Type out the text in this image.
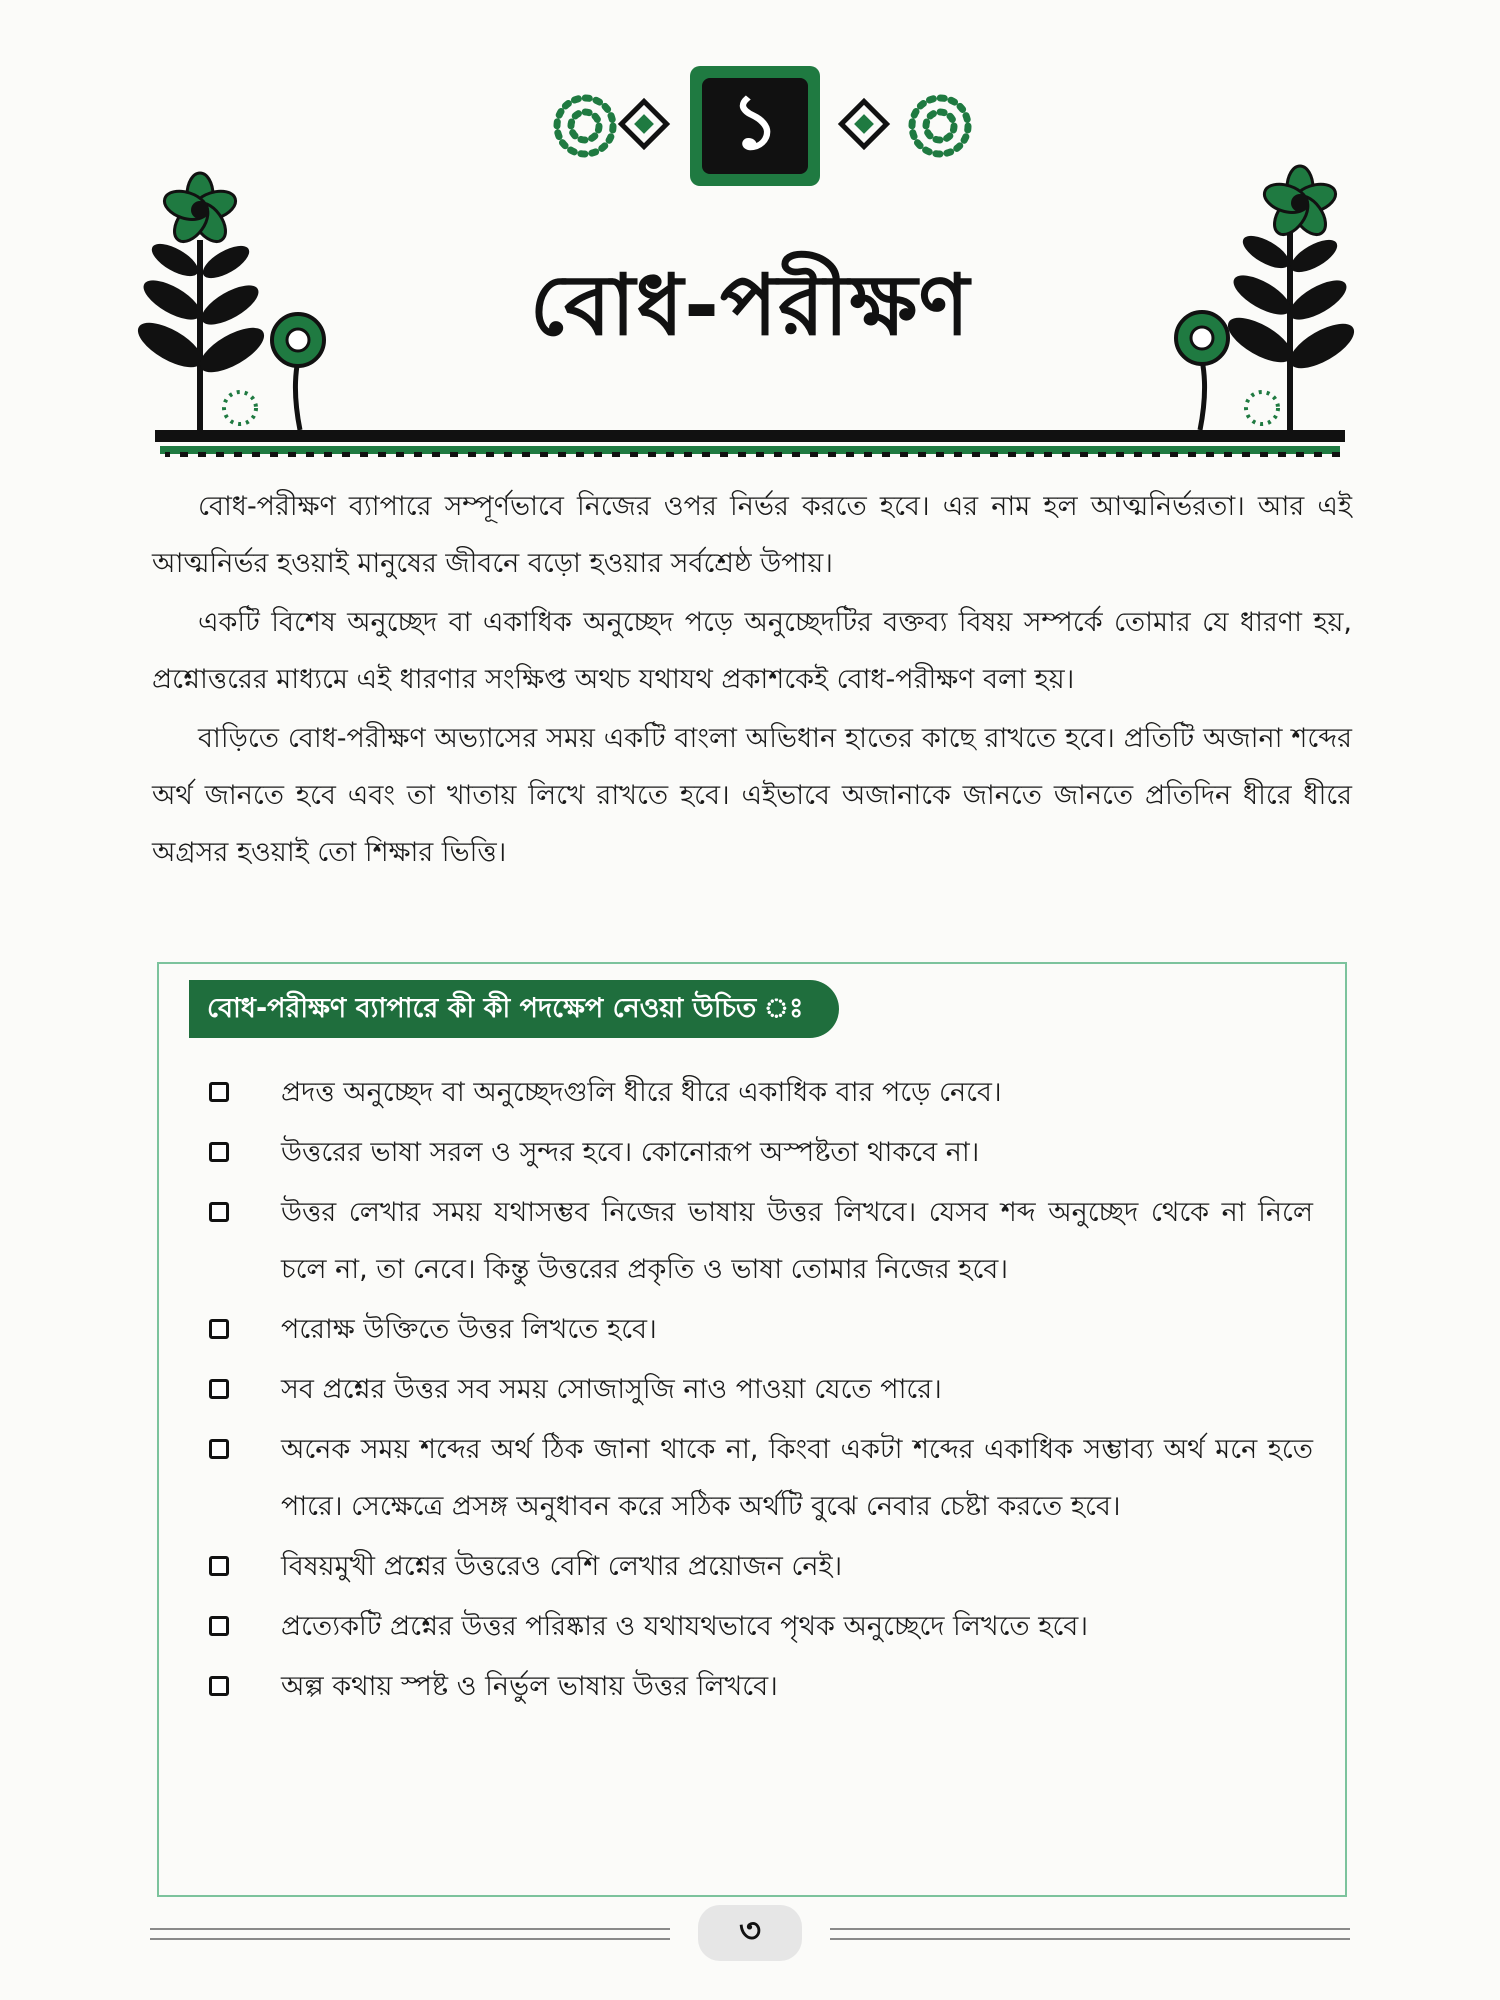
১
বোধ-পরীক্ষণ

বোধ-পরীক্ষণ ব্যাপারে সম্পূর্ণভাবে নিজের ওপর নির্ভর করতে হবে। এর নাম হল আত্মনির্ভরতা। আর এই আত্মনির্ভর হওয়াই মানুষের জীবনে বড়ো হওয়ার সর্বশ্রেষ্ঠ উপায়।

একটি বিশেষ অনুচ্ছেদ বা একাধিক অনুচ্ছেদ পড়ে অনুচ্ছেদটির বক্তব্য বিষয় সম্পর্কে তোমার যে ধারণা হয়, প্রশ্নোত্তরের মাধ্যমে এই ধারণার সংক্ষিপ্ত অথচ যথাযথ প্রকাশকেই বোধ-পরীক্ষণ বলা হয়।

বাড়িতে বোধ-পরীক্ষণ অভ্যাসের সময় একটি বাংলা অভিধান হাতের কাছে রাখতে হবে। প্রতিটি অজানা শব্দের অর্থ জানতে হবে এবং তা খাতায় লিখে রাখতে হবে। এইভাবে অজানাকে জানতে জানতে প্রতিদিন ধীরে ধীরে অগ্রসর হওয়াই তো শিক্ষার ভিত্তি।

বোধ-পরীক্ষণ ব্যাপারে কী কী পদক্ষেপ নেওয়া উচিত ঃ
প্রদত্ত অনুচ্ছেদ বা অনুচ্ছেদগুলি ধীরে ধীরে একাধিক বার পড়ে নেবে।
উত্তরের ভাষা সরল ও সুন্দর হবে। কোনোরূপ অস্পষ্টতা থাকবে না।
উত্তর লেখার সময় যথাসম্ভব নিজের ভাষায় উত্তর লিখবে। যেসব শব্দ অনুচ্ছেদ থেকে না নিলে চলে না, তা নেবে। কিন্তু উত্তরের প্রকৃতি ও ভাষা তোমার নিজের হবে।
পরোক্ষ উক্তিতে উত্তর লিখতে হবে।
সব প্রশ্নের উত্তর সব সময় সোজাসুজি নাও পাওয়া যেতে পারে।
অনেক সময় শব্দের অর্থ ঠিক জানা থাকে না, কিংবা একটা শব্দের একাধিক সম্ভাব্য অর্থ মনে হতে পারে। সেক্ষেত্রে প্রসঙ্গ অনুধাবন করে সঠিক অর্থটি বুঝে নেবার চেষ্টা করতে হবে।
বিষয়মুখী প্রশ্নের উত্তরেও বেশি লেখার প্রয়োজন নেই।
প্রত্যেকটি প্রশ্নের উত্তর পরিষ্কার ও যথাযথভাবে পৃথক অনুচ্ছেদে লিখতে হবে।
অল্প কথায় স্পষ্ট ও নির্ভুল ভাষায় উত্তর লিখবে।
৩
